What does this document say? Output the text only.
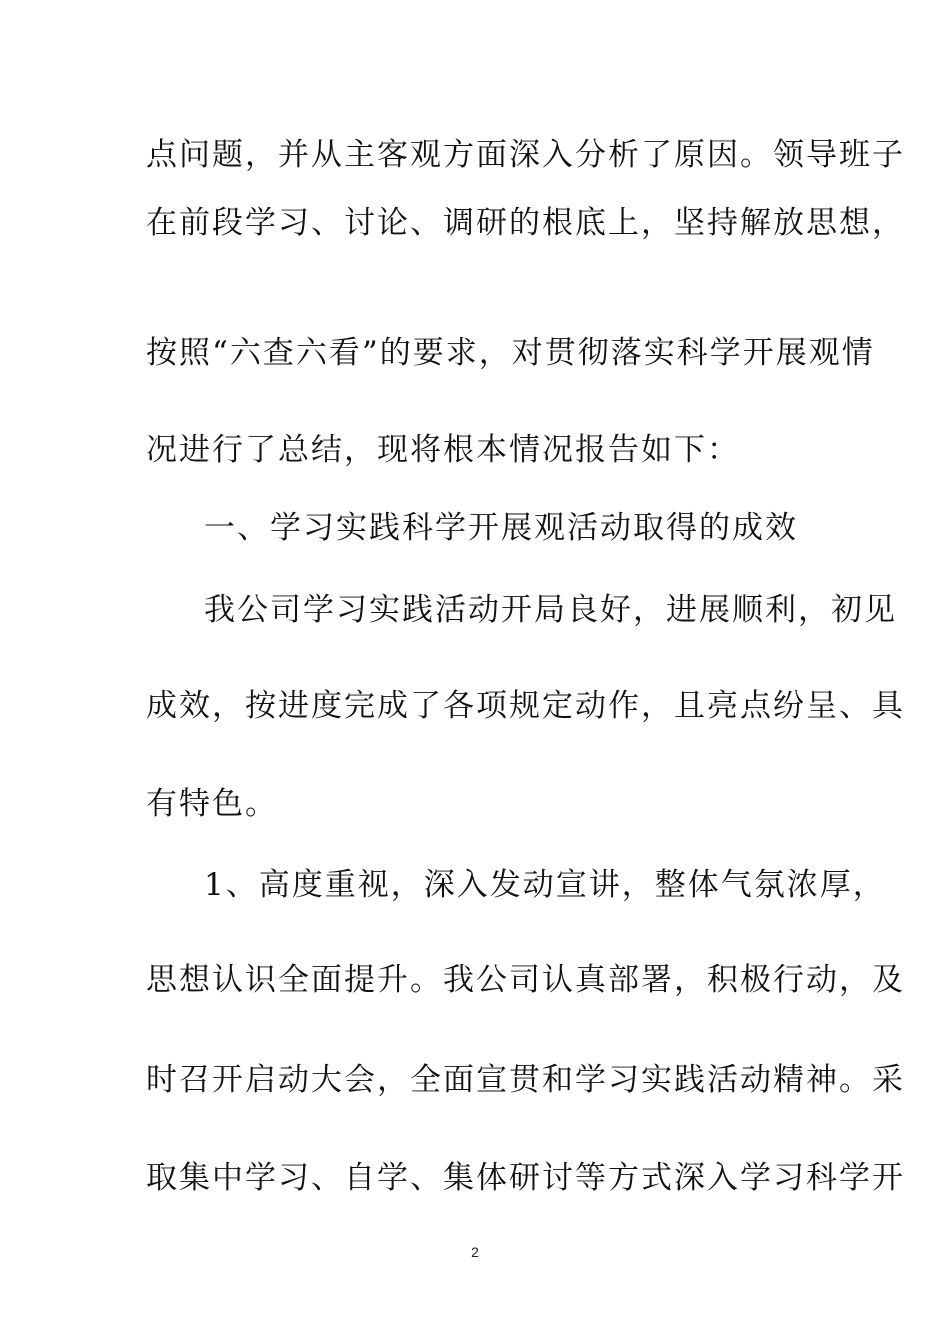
点问题，并从主客观方面深入分析了原因。领导班子
在前段学习、讨论、调研的根底上，坚持解放思想，
按照“六查六看”的要求，对贯彻落实科学开展观情
况进行了总结，现将根本情况报告如下：
一、学习实践科学开展观活动取得的成效
我公司学习实践活动开局良好，进展顺利，初见
成效，按进度完成了各项规定动作，且亮点纷呈、具
有特色。
1、高度重视，深入发动宣讲，整体气氛浓厚，
思想认识全面提升。我公司认真部署，积极行动，及
时召开启动大会，全面宣贯和学习实践活动精神。采
取集中学习、自学、集体研讨等方式深入学习科学开
2
